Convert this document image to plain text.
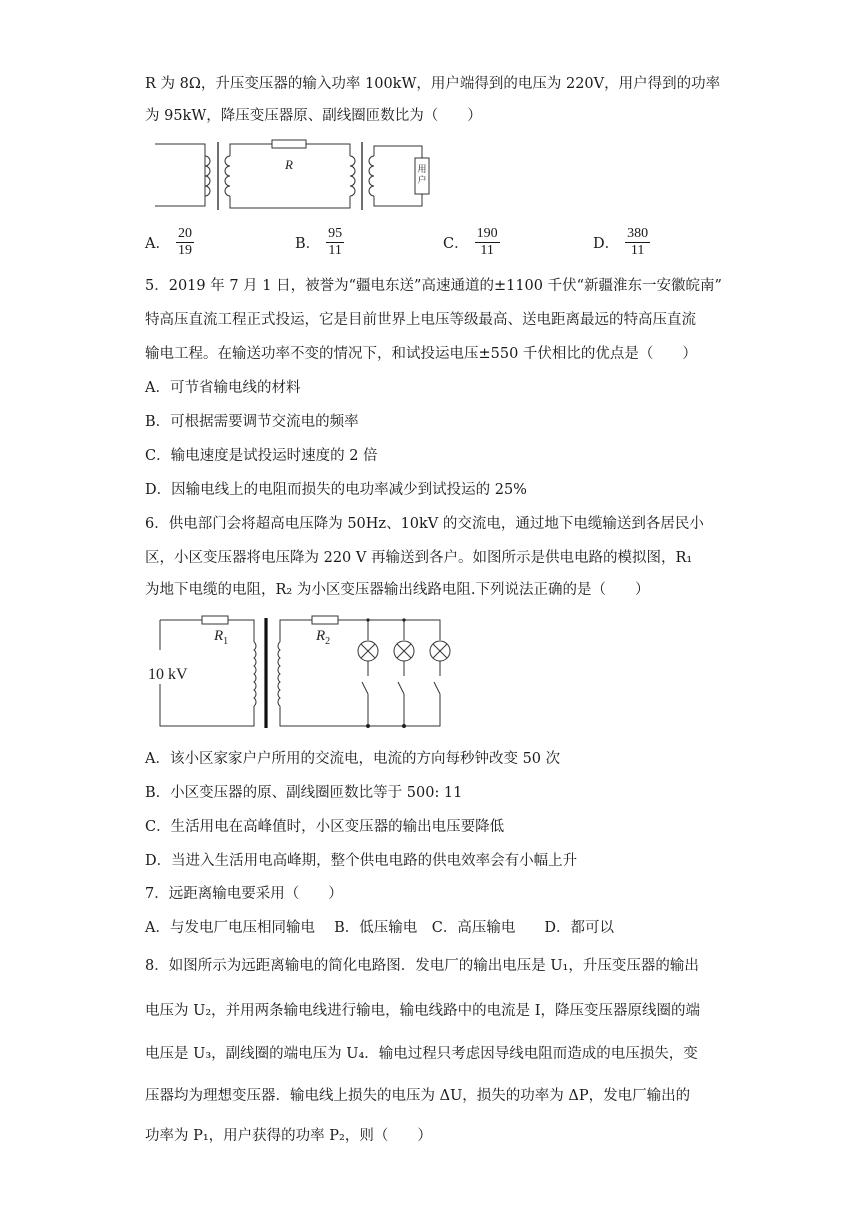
R 为 8Ω，升压变压器的输入功率 100kW，用户端得到的电压为 220V，用户得到的功率
为 95kW，降压变压器原、副线圈匝数比为（　　）
R	用户
A． $\frac{20}{19}$	B． $\frac{95}{11}$	C． $\frac{190}{11}$	D． $\frac{380}{11}$
5．2019 年 7 月 1 日，被誉为“疆电东送”高速通道的±1100 千伏“新疆淮东一安徽皖南”
特高压直流工程正式投运，它是目前世界上电压等级最高、送电距离最远的特高压直流
输电工程。在输送功率不变的情况下，和试投运电压±550 千伏相比的优点是（　　）
A．可节省输电线的材料
B．可根据需要调节交流电的频率
C．输电速度是试投运时速度的 2 倍
D．因输电线上的电阻而损失的电功率减少到试投运的 25%
6．供电部门会将超高电压降为 50Hz、10kV 的交流电，通过地下电缆输送到各居民小
区，小区变压器将电压降为 220 V 再输送到各户。如图所示是供电电路的模拟图，R₁
为地下电缆的电阻，R₂ 为小区变压器输出线路电阻.下列说法正确的是（　　）
$R_1$	$R_2$
10 kV
A．该小区家家户户所用的交流电，电流的方向每秒钟改变 50 次
B．小区变压器的原、副线圈匝数比等于 500: 11
C．生活用电在高峰值时，小区变压器的输出电压要降低
D．当进入生活用电高峰期，整个供电电路的供电效率会有小幅上升
7．远距离输电要采用（　　）
A．与发电厂电压相同输电　 B．低压输电　C．高压输电　　D．都可以
8．如图所示为远距离输电的简化电路图．发电厂的输出电压是 U₁，升压变压器的输出
电压为 U₂，并用两条输电线进行输电，输电线路中的电流是 I，降压变压器原线圈的端
电压是 U₃，副线圈的端电压为 U₄．输电过程只考虑因导线电阻而造成的电压损失，变
压器均为理想变压器．输电线上损失的电压为 ΔU，损失的功率为 ΔP，发电厂输出的
功率为 P₁，用户获得的功率 P₂，则（　　）
